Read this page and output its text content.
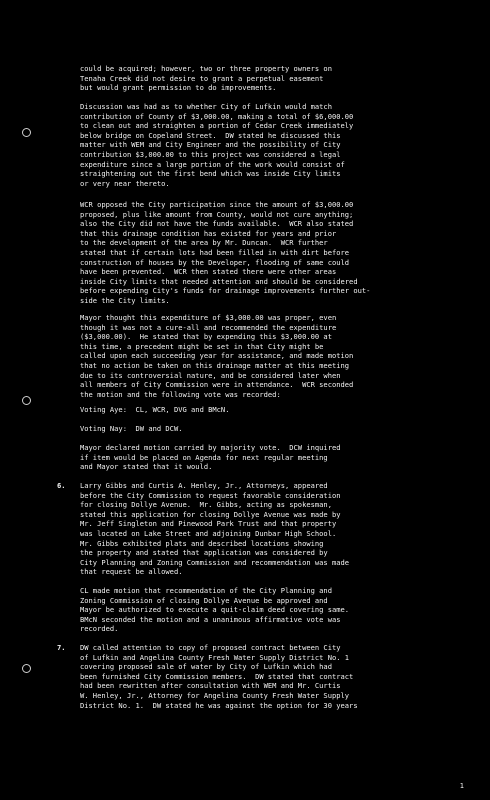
could be acquired; however, two or three property owners on
Tenaha Creek did not desire to grant a perpetual easement
but would grant permission to do improvements.

Discussion was had as to whether City of Lufkin would match
contribution of County of $3,000.00, making a total of $6,000.00
to clean out and straighten a portion of Cedar Creek immediately
below bridge on Copeland Street.  DW stated he discussed this
matter with WEM and City Engineer and the possibility of City
contribution $3,000.00 to this project was considered a legal
expenditure since a large portion of the work would consist of
straightening out the first bend which was inside City limits
or very near thereto.

WCR opposed the City participation since the amount of $3,000.00
proposed, plus like amount from County, would not cure anything;
also the City did not have the funds available.  WCR also stated
that this drainage condition has existed for years and prior
to the development of the area by Mr. Duncan.  WCR further
stated that if certain lots had been filled in with dirt before
construction of houses by the Developer, flooding of same could
have been prevented.  WCR then stated there were other areas
inside City limits that needed attention and should be considered
before expending City's funds for drainage improvements further out-
side the City limits.

Mayor thought this expenditure of $3,000.00 was proper, even
though it was not a cure-all and recommended the expenditure
($3,000.00).  He stated that by expending this $3,000.00 at
this time, a precedent might be set in that City might be
called upon each succeeding year for assistance, and made motion
that no action be taken on this drainage matter at this meeting
due to its controversial nature, and be considered later when
all members of City Commission were in attendance.  WCR seconded
the motion and the following vote was recorded:

Voting Aye:  CL, WCR, DVG and BMcN.

Voting Nay:  DW and DCW.

Mayor declared motion carried by majority vote.  DCW inquired
if item would be placed on Agenda for next regular meeting
and Mayor stated that it would.

6. Larry Gibbs and Curtis A. Henley, Jr., Attorneys, appeared
before the City Commission to request favorable consideration
for closing Dollye Avenue.  Mr. Gibbs, acting as spokesman,
stated this application for closing Dollye Avenue was made by
Mr. Jeff Singleton and Pinewood Park Trust and that property
was located on Lake Street and adjoining Dunbar High School.
Mr. Gibbs exhibited plats and described locations showing
the property and stated that application was considered by
City Planning and Zoning Commission and recommendation was made
that request be allowed.

CL made motion that recommendation of the City Planning and
Zoning Commission of closing Dollye Avenue be approved and
Mayor be authorized to execute a quit-claim deed covering same.
BMcN seconded the motion and a unanimous affirmative vote was
recorded.

7. DW called attention to copy of proposed contract between City
of Lufkin and Angelina County Fresh Water Supply District No. 1
covering proposed sale of water by City of Lufkin which had
been furnished City Commission members.  DW stated that contract
had been rewritten after consultation with WEM and Mr. Curtis
W. Henley, Jr., Attorney for Angelina County Fresh Water Supply
District No. 1.  DW stated he was against the option for 30 years

1
